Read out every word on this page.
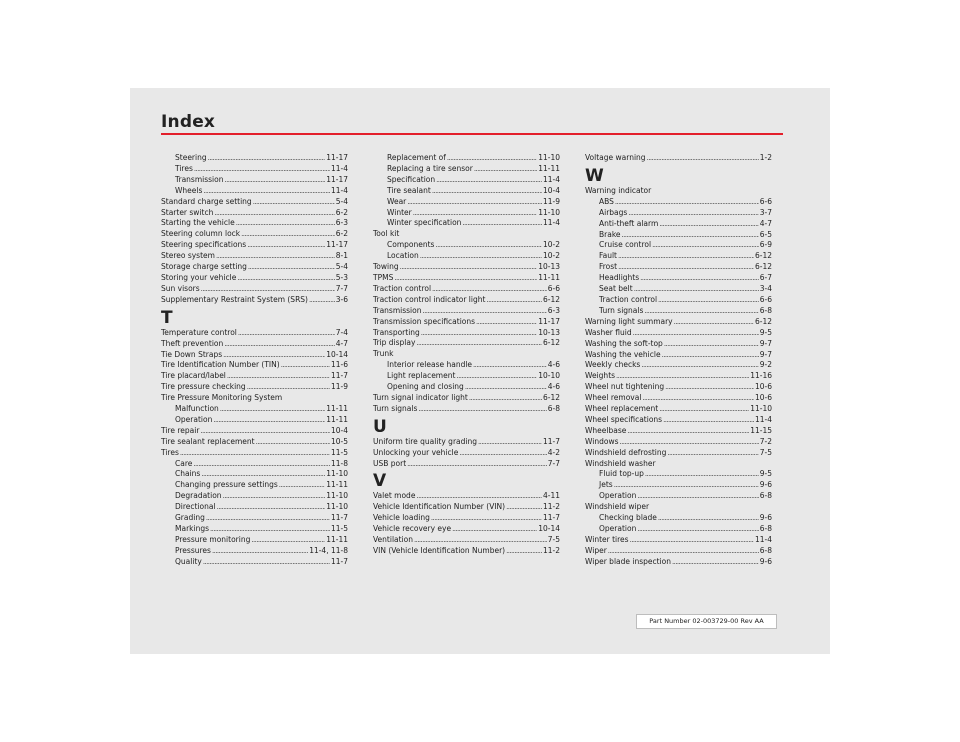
Index
Steering .....	11-17
Tires .....	11-4
Transmission .....	11-17
Wheels .....	11-4
Standard charge setting .....	5-4
Starter switch .....	6-2
Starting the vehicle .....	6-3
Steering column lock .....	6-2
Steering specifications .....	11-17
Stereo system .....	8-1
Storage charge setting .....	5-4
Storing your vehicle .....	5-3
Sun visors .....	7-7
Supplementary Restraint System (SRS) .....	3-6
T
Temperature control .....	7-4
Theft prevention .....	4-7
Tie Down Straps .....	10-14
Tire Identification Number (TIN) .....	11-6
Tire placard/label .....	11-7
Tire pressure checking .....	11-9
Tire Pressure Monitoring System
Malfunction .....	11-11
Operation .....	11-11
Tire repair .....	10-4
Tire sealant replacement .....	10-5
Tires .....	11-5
Care .....	11-8
Chains .....	11-10
Changing pressure settings .....	11-11
Degradation .....	11-10
Directional .....	11-10
Grading .....	11-7
Markings .....	11-5
Pressure monitoring .....	11-11
Pressures .....	11-4, 11-8
Quality .....	11-7
Replacement of .....	11-10
Replacing a tire sensor .....	11-11
Specification .....	11-4
Tire sealant .....	10-4
Wear .....	11-9
Winter .....	11-10
Winter specification .....	11-4
Tool kit
Components .....	10-2
Location .....	10-2
Towing .....	10-13
TPMS .....	11-11
Traction control .....	6-6
Traction control indicator light .....	6-12
Transmission .....	6-3
Transmission specifications .....	11-17
Transporting .....	10-13
Trip display .....	6-12
Trunk
Interior release handle .....	4-6
Light replacement .....	10-10
Opening and closing .....	4-6
Turn signal indicator light .....	6-12
Turn signals .....	6-8
U
Uniform tire quality grading .....	11-7
Unlocking your vehicle .....	4-2
USB port .....	7-7
V
Valet mode .....	4-11
Vehicle Identification Number (VIN) .....	11-2
Vehicle loading .....	11-7
Vehicle recovery eye .....	10-14
Ventilation .....	7-5
VIN (Vehicle Identification Number) .....	11-2
Voltage warning .....	1-2
W
Warning indicator
ABS .....	6-6
Airbags .....	3-7
Anti-theft alarm .....	4-7
Brake .....	6-5
Cruise control .....	6-9
Fault .....	6-12
Frost .....	6-12
Headlights .....	6-7
Seat belt .....	3-4
Traction control .....	6-6
Turn signals .....	6-8
Warning light summary .....	6-12
Washer fluid .....	9-5
Washing the soft-top .....	9-7
Washing the vehicle .....	9-7
Weekly checks .....	9-2
Weights .....	11-16
Wheel nut tightening .....	10-6
Wheel removal .....	10-6
Wheel replacement .....	11-10
Wheel specifications .....	11-4
Wheelbase .....	11-15
Windows .....	7-2
Windshield defrosting .....	7-5
Windshield washer
Fluid top-up .....	9-5
Jets .....	9-6
Operation .....	6-8
Windshield wiper
Checking blade .....	9-6
Operation .....	6-8
Winter tires .....	11-4
Wiper .....	6-8
Wiper blade inspection .....	9-6
Part Number 02-003729-00 Rev AA
